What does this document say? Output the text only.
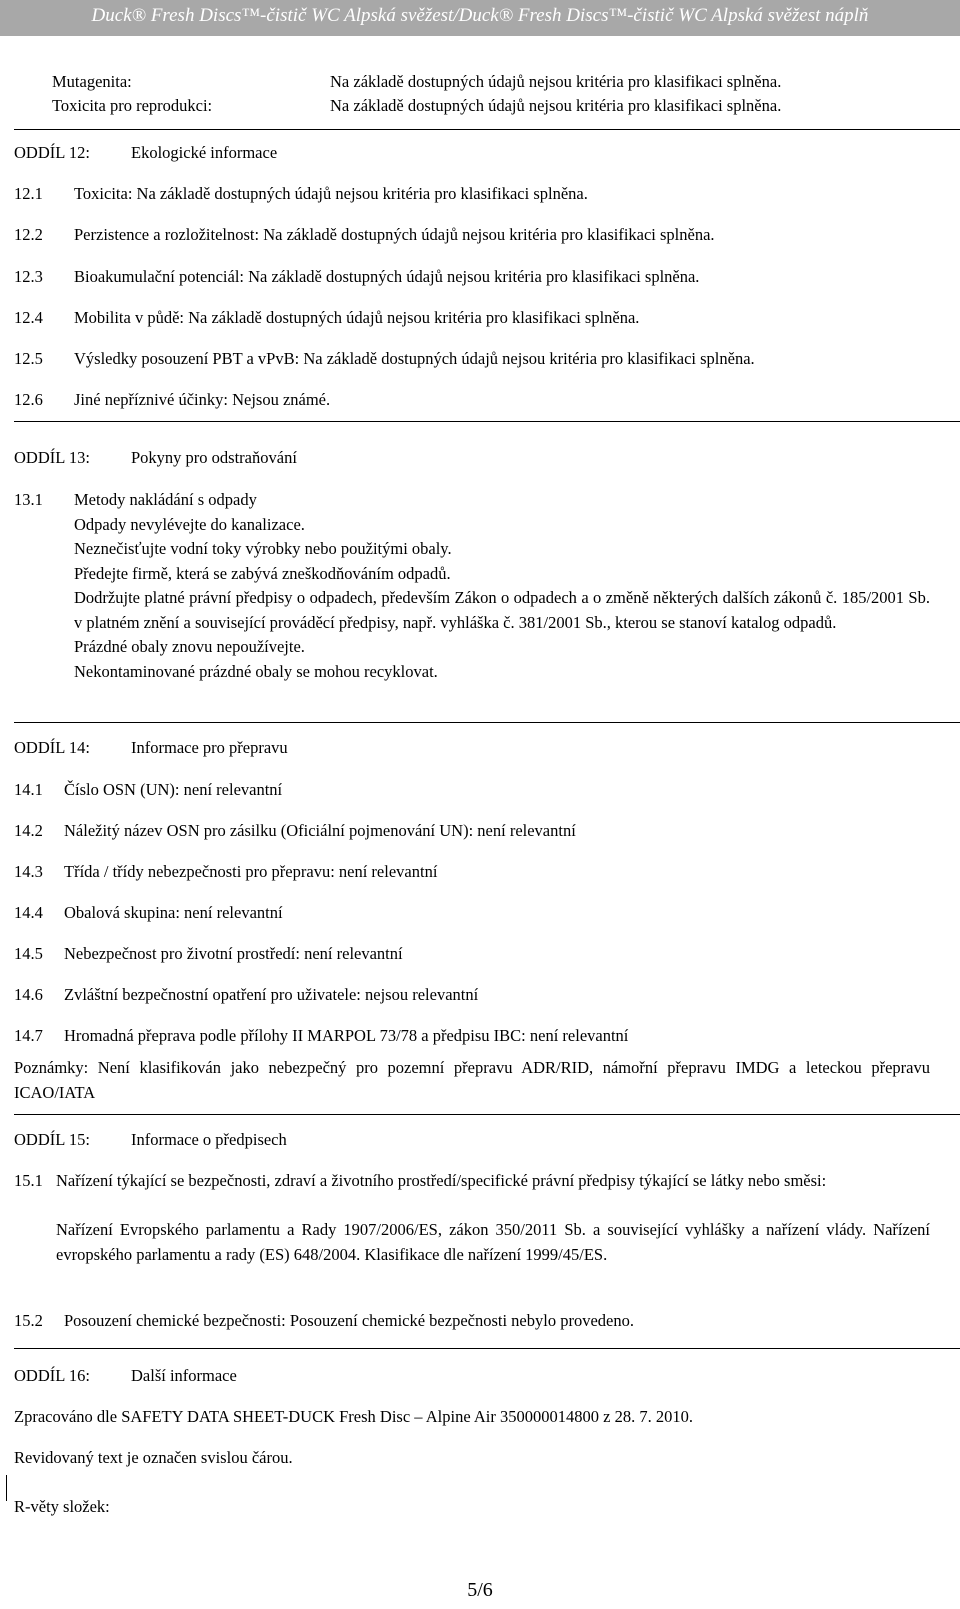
Duck® Fresh Discs™-čistič WC Alpská svěžest/Duck® Fresh Discs™-čistič WC Alpská svěžest náplň
Mutagenita:	Na základě dostupných údajů nejsou kritéria pro klasifikaci splněna.
Toxicita pro reprodukci:	Na základě dostupných údajů nejsou kritéria pro klasifikaci splněna.
ODDÍL 12: Ekologické informace
12.1 Toxicita: Na základě dostupných údajů nejsou kritéria pro klasifikaci splněna.
12.2 Perzistence a rozložitelnost: Na základě dostupných údajů nejsou kritéria pro klasifikaci splněna.
12.3 Bioakumulační potenciál: Na základě dostupných údajů nejsou kritéria pro klasifikaci splněna.
12.4 Mobilita v půdě: Na základě dostupných údajů nejsou kritéria pro klasifikaci splněna.
12.5 Výsledky posouzení PBT a vPvB: Na základě dostupných údajů nejsou kritéria pro klasifikaci splněna.
12.6 Jiné nepříznivé účinky: Nejsou známé.
ODDÍL 13: Pokyny pro odstraňování
13.1 Metody nakládání s odpady

Odpady nevylévejte do kanalizace.

Neznečisťujte vodní toky výrobky nebo použitými obaly.

Předejte firmě, která se zabývá zneškodňováním odpadů.

Dodržujte platné právní předpisy o odpadech, především Zákon o odpadech a o změně některých dalších zákonů č. 185/2001 Sb. v platném znění a související prováděcí předpisy, např. vyhláška č. 381/2001 Sb., kterou se stanoví katalog odpadů.

Prázdné obaly znovu nepoužívejte.

Nekontaminované prázdné obaly se mohou recyklovat.

ODDÍL 14: Informace pro přepravu
14.1 Číslo OSN (UN): není relevantní
14.2 Náležitý název OSN pro zásilku (Oficiální pojmenování UN): není relevantní
14.3 Třída / třídy nebezpečnosti pro přepravu: není relevantní
14.4 Obalová skupina: není relevantní
14.5 Nebezpečnost pro životní prostředí: není relevantní
14.6 Zvláštní bezpečnostní opatření pro uživatele: nejsou relevantní
14.7 Hromadná přeprava podle přílohy II MARPOL 73/78 a předpisu IBC: není relevantní
Poznámky: Není klasifikován jako nebezpečný pro pozemní přepravu ADR/RID, námořní přepravu IMDG a leteckou přepravu ICAO/IATA
ODDÍL 15: Informace o předpisech
15.1 Nařízení týkající se bezpečnosti, zdraví a životního prostředí/specifické právní předpisy týkající se látky nebo směsi:
Nařízení Evropského parlamentu a Rady 1907/2006/ES, zákon 350/2011 Sb. a související vyhlášky a nařízení vlády. Nařízení evropského parlamentu a rady (ES) 648/2004. Klasifikace dle nařízení 1999/45/ES.
15.2 Posouzení chemické bezpečnosti: Posouzení chemické bezpečnosti nebylo provedeno.
ODDÍL 16: Další informace
Zpracováno dle SAFETY DATA SHEET-DUCK Fresh Disc – Alpine Air 350000014800 z 28. 7. 2010.
Revidovaný text je označen svislou čárou.
R-věty složek:
5/6
